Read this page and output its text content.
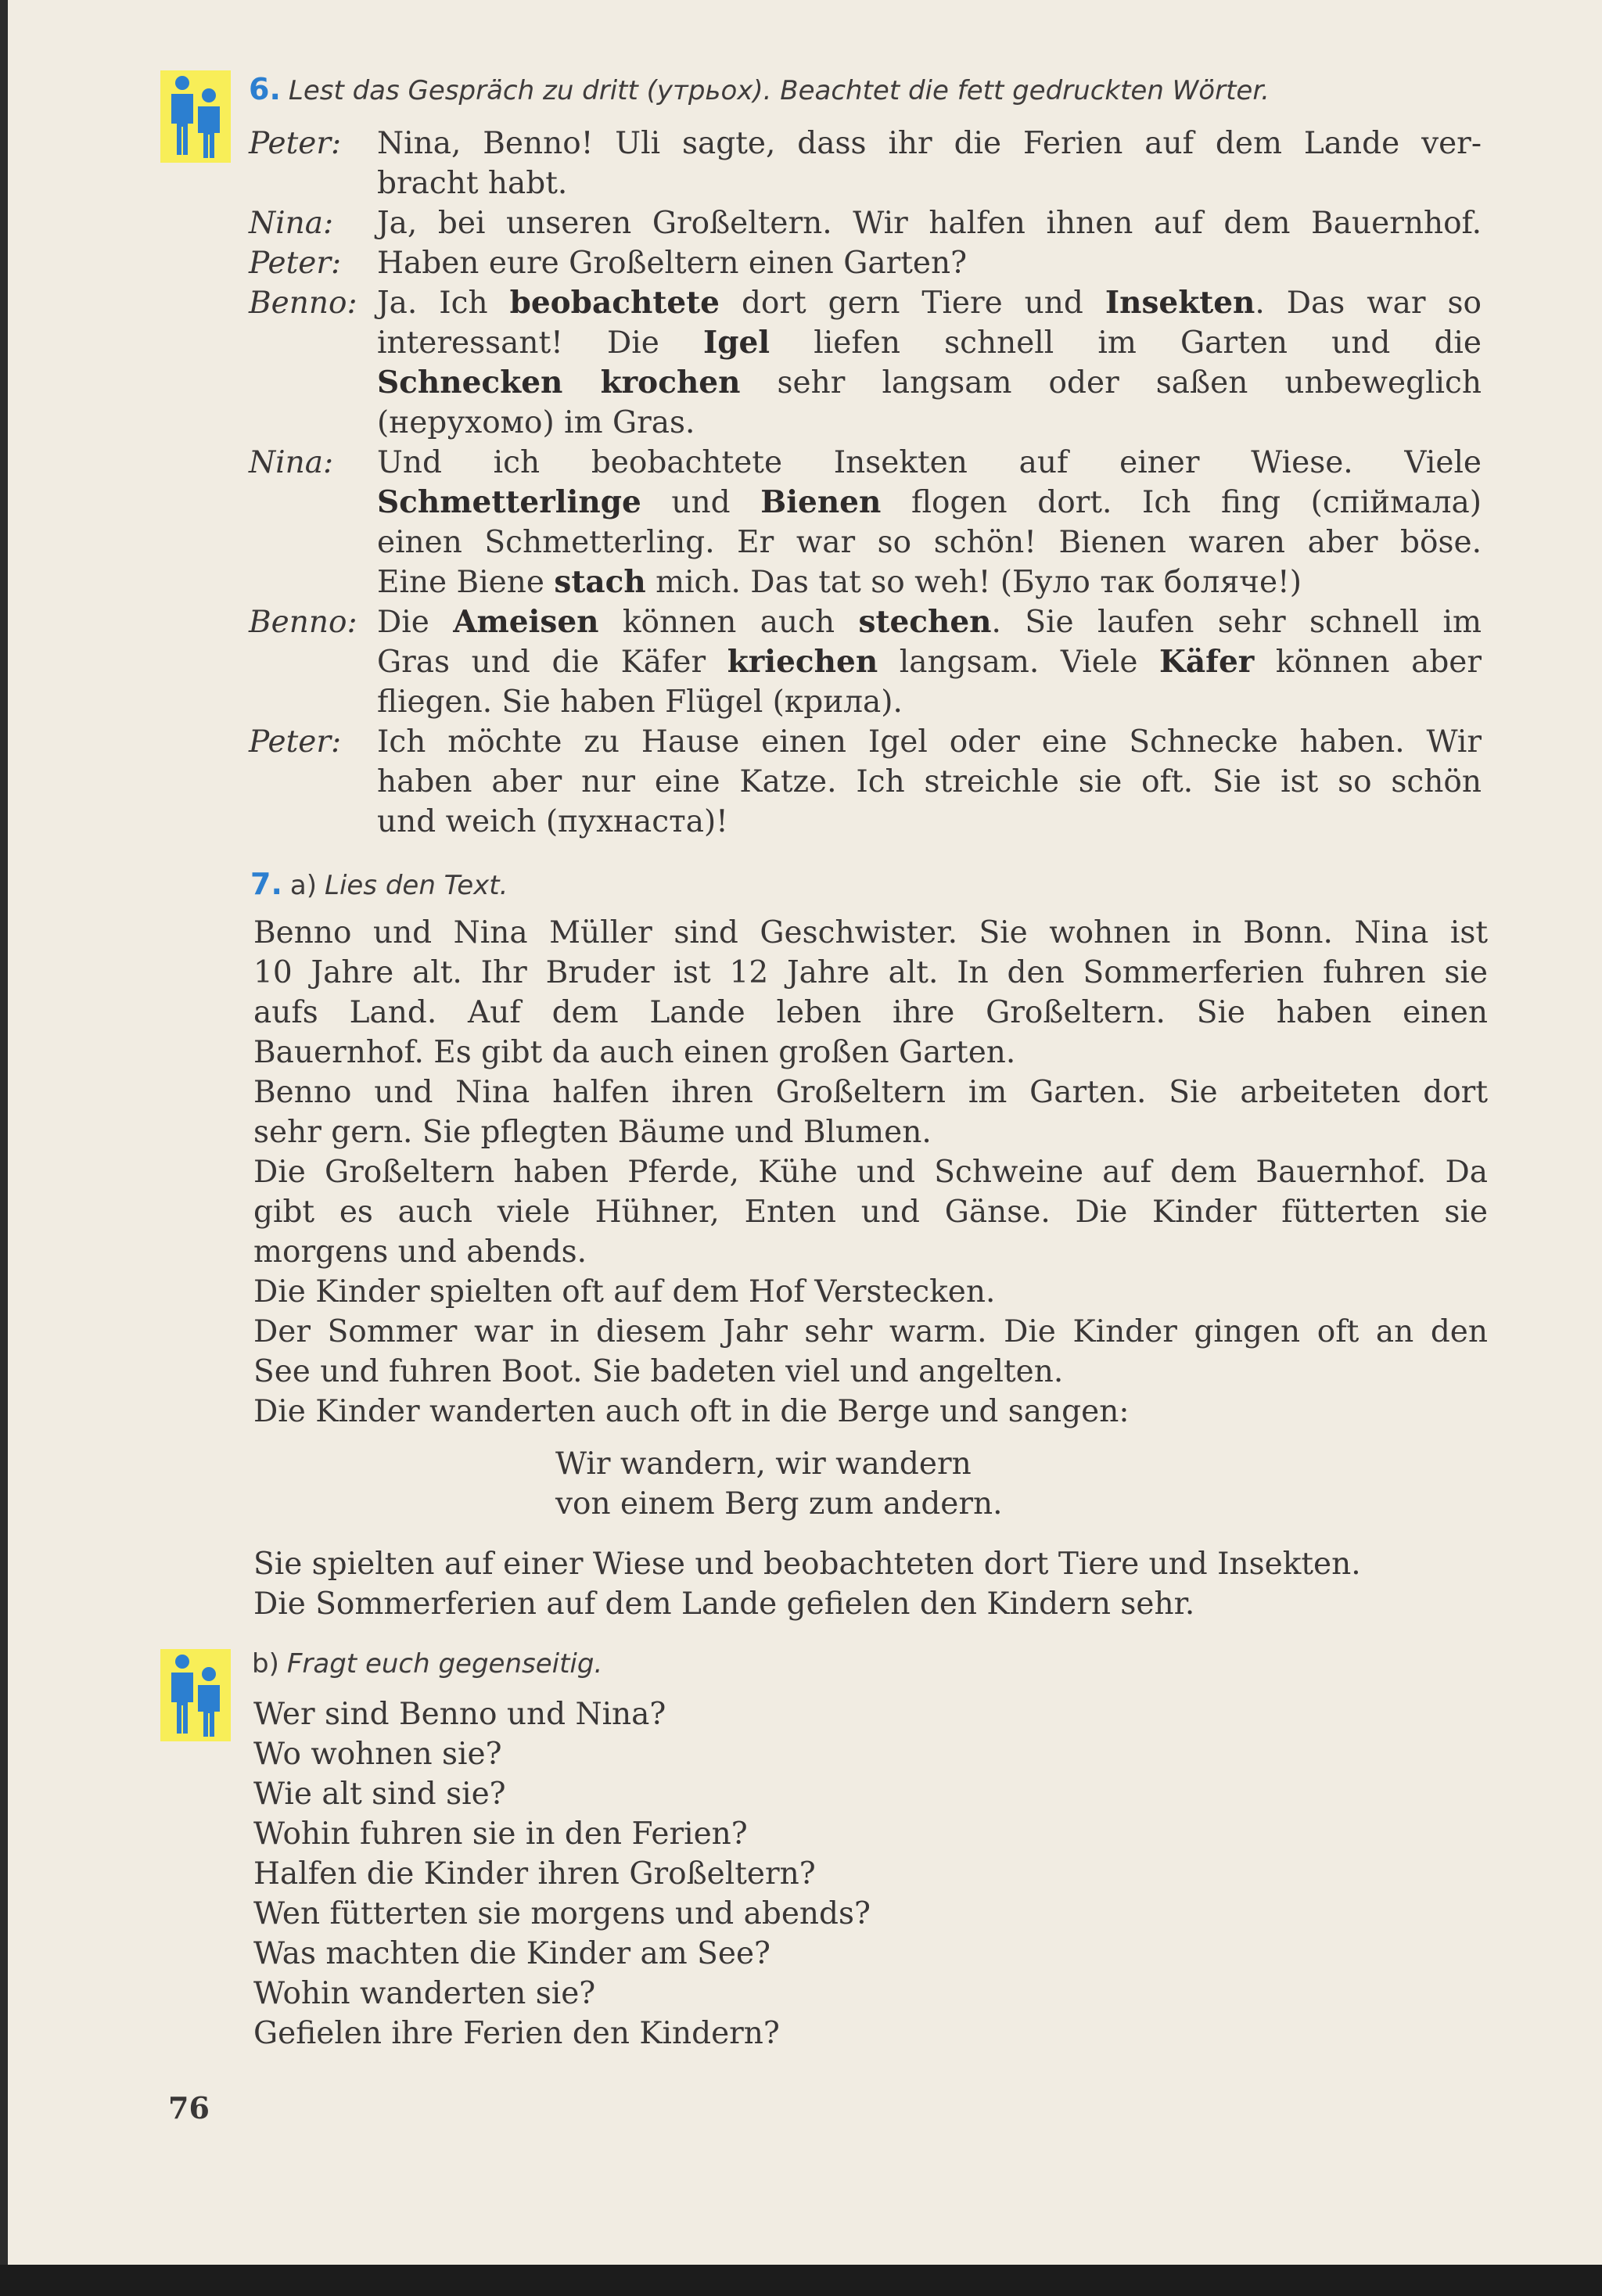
6. Lest das Gespräch zu dritt (утрьох). Beachtet die fett gedruckten Wörter.
Peter: Nina, Benno! Uli sagte, dass ihr die Ferien auf dem Lande ver-
bracht habt.
Nina: Ja, bei unseren Großeltern. Wir halfen ihnen auf dem Bauernhof.
Peter: Haben eure Großeltern einen Garten?
Benno: Ja. Ich beobachtete dort gern Tiere und Insekten. Das war so
interessant! Die Igel liefen schnell im Garten und die
Schnecken krochen sehr langsam oder saßen unbeweglich
(нерухомо) im Gras.
Nina: Und ich beobachtete Insekten auf einer Wiese. Viele
Schmetterlinge und Bienen flogen dort. Ich fing (спіймала)
einen Schmetterling. Er war so schön! Bienen waren aber böse.
Eine Biene stach mich. Das tat so weh! (Було так боляче!)
Benno: Die Ameisen können auch stechen. Sie laufen sehr schnell im
Gras und die Käfer kriechen langsam. Viele Käfer können aber
fliegen. Sie haben Flügel (крила).
Peter: Ich möchte zu Hause einen Igel oder eine Schnecke haben. Wir
haben aber nur eine Katze. Ich streichle sie oft. Sie ist so schön
und weich (пухнаста)!
7. a) Lies den Text.
Benno und Nina Müller sind Geschwister. Sie wohnen in Bonn. Nina ist
10 Jahre alt. Ihr Bruder ist 12 Jahre alt. In den Sommerferien fuhren sie
aufs Land. Auf dem Lande leben ihre Großeltern. Sie haben einen
Bauernhof. Es gibt da auch einen großen Garten.
Benno und Nina halfen ihren Großeltern im Garten. Sie arbeiteten dort
sehr gern. Sie pflegten Bäume und Blumen.
Die Großeltern haben Pferde, Kühe und Schweine auf dem Bauernhof. Da
gibt es auch viele Hühner, Enten und Gänse. Die Kinder fütterten sie
morgens und abends.
Die Kinder spielten oft auf dem Hof Verstecken.
Der Sommer war in diesem Jahr sehr warm. Die Kinder gingen oft an den
See und fuhren Boot. Sie badeten viel und angelten.
Die Kinder wanderten auch oft in die Berge und sangen:
Wir wandern, wir wandern
von einem Berg zum andern.
Sie spielten auf einer Wiese und beobachteten dort Tiere und Insekten.
Die Sommerferien auf dem Lande gefielen den Kindern sehr.
b) Fragt euch gegenseitig.
Wer sind Benno und Nina?
Wo wohnen sie?
Wie alt sind sie?
Wohin fuhren sie in den Ferien?
Halfen die Kinder ihren Großeltern?
Wen fütterten sie morgens und abends?
Was machten die Kinder am See?
Wohin wanderten sie?
Gefielen ihre Ferien den Kindern?
76
